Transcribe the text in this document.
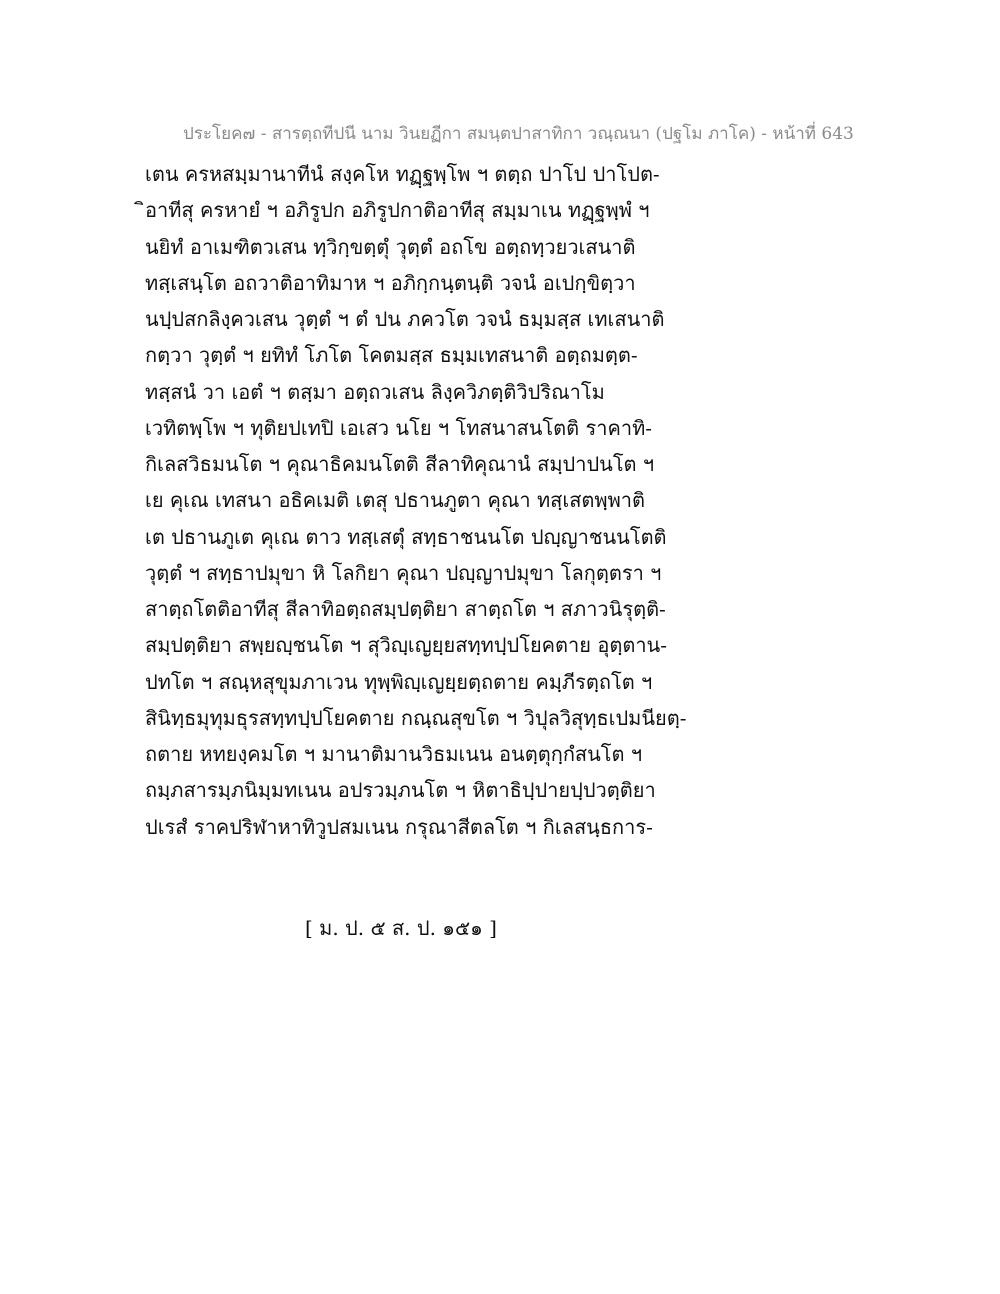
ประโยค๗ - สารตฺถทีปนี นาม วินยฏีกา สมนฺตปาสาทิกา วณฺณนา (ปฐโม ภาโค) - หน้าที่ 643
เตน ครหสมฺมานาทีนํ สงฺคโห ทฏฺฐพฺโพ ฯ ตตฺถ ปาโป ปาโปต-
ิอาทีสุ ครหายํ ฯ อภิรูปก อภิรูปกาติอาทีสุ สมฺมาเน ทฏฺฐพฺพํ ฯ
นยิทํ อาเมฑิตวเสน ทฺวิกฺขตฺตุํ วุตฺตํ อถโข อตฺถทฺวยวเสนาติ
ทสฺเสนฺโต อถวาติอาทิมาห ฯ อภิกฺกนฺตนฺติ วจนํ อเปกฺขิตฺวา
นปฺปสกลิงฺควเสน วุตฺตํ ฯ ตํ ปน ภควโต วจนํ ธมฺมสฺส เทเสนาติ
กตฺวา วุตฺตํ ฯ ยทิทํ โภโต โคตมสฺส ธมฺมเทสนาติ อตฺถมตฺต-
ทสฺสนํ วา เอตํ ฯ ตสฺมา อตฺถวเสน ลิงฺควิภตฺติวิปริณาโม
เวทิตพฺโพ ฯ ทุติยปเทปิ เอเสว นโย ฯ โทสนาสนโตติ ราคาทิ-
กิเลสวิธมนโต ฯ คุณาธิคมนโตติ สีลาทิคุณานํ สมฺปาปนโต ฯ
เย คุเณ เทสนา อธิคเมติ เตสุ ปธานภูตา คุณา ทสฺเสตพฺพาติ
เต ปธานภูเต คุเณ ตาว ทสฺเสตุํ สทฺธาชนนโต ปญฺญาชนนโตติ
วุตฺตํ ฯ สทฺธาปมุขา หิ โลกิยา คุณา ปญฺญาปมุขา โลกุตฺตรา ฯ
สาตฺถโตติอาทีสุ สีลาทิอตฺถสมฺปตฺติยา สาตฺถโต ฯ สภาวนิรุตฺติ-
สมฺปตฺติยา สพฺยญฺชนโต ฯ สุวิญฺเญยฺยสทฺทปฺปโยคตาย อุตฺตาน-
ปทโต ฯ สณฺหสุขุมภาเวน ทุพฺพิญฺเญยฺยตฺถตาย คมฺภีรตฺถโต ฯ
สินิทฺธมุทุมธุรสทฺทปฺปโยคตาย กณฺณสุขโต ฯ วิปุลวิสุทฺธเปมนียตฺ-
ถตาย หทยงฺคมโต ฯ มานาติมานวิธมเนน อนตฺตุกฺกํสนโต ฯ
ถมฺภสารมฺภนิมฺมทเนน อปรวมฺภนโต ฯ หิตาธิปฺปายปฺปวตฺติยา
ปเรสํ ราคปริฬาหาทิวูปสมเนน กรุณาสีตลโต ฯ กิเลสนฺธการ-
[ ม. ป. ๕ ส. ป. ๑๕๑ ]
